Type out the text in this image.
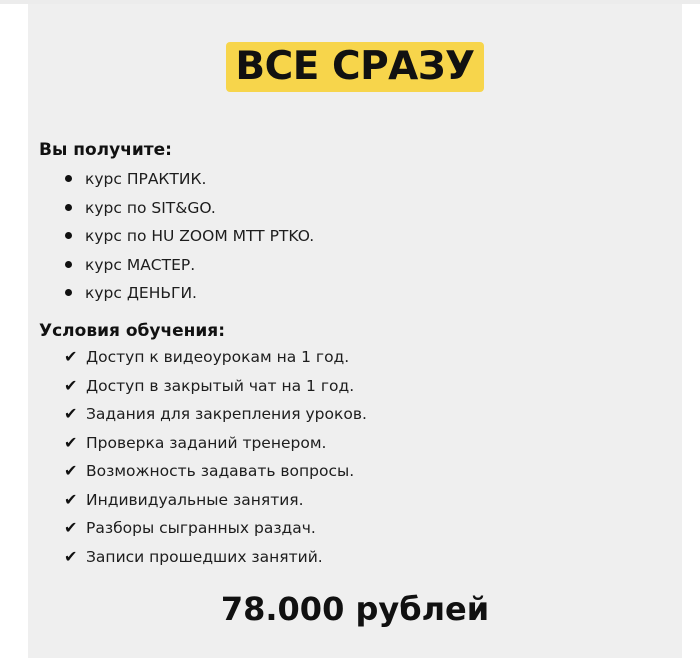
ВСЕ СРАЗУ
Вы получите:
курс ПРАКТИК.
курс по SIT&GO.
курс по HU ZOOM MTT PTKO.
курс МАСТЕР.
курс ДЕНЬГИ.
Условия обучения:
✔ Доступ к видеоурокам на 1 год.
✔ Доступ в закрытый чат на 1 год.
✔ Задания для закрепления уроков.
✔ Проверка заданий тренером.
✔ Возможность задавать вопросы.
✔ Индивидуальные занятия.
✔ Разборы сыгранных раздач.
✔ Записи прошедших занятий.
78.000 рублей
